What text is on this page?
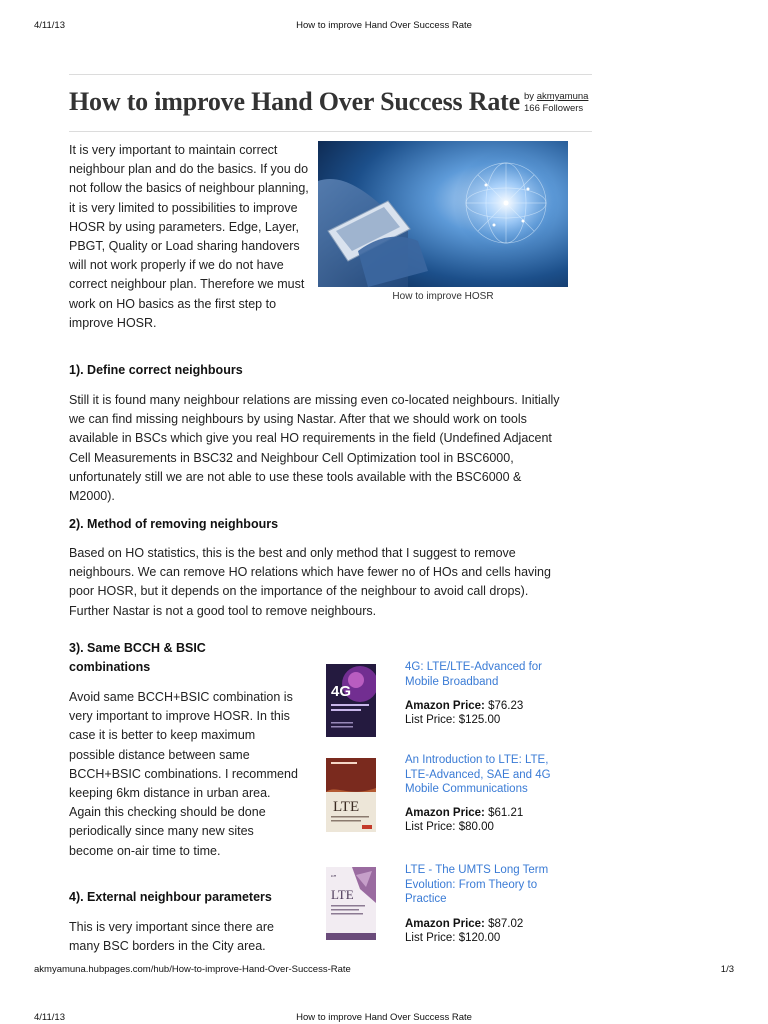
4/11/13	How to improve Hand Over Success Rate
How to improve Hand Over Success Rate by akmyamuna
166 Followers

It is very important to maintain correct neighbour plan and do the basics. If you do not follow the basics of neighbour planning, it is very limited to possibilities to improve HOSR by using parameters. Edge, Layer, PBGT, Quality or Load sharing handovers will not work properly if we do not have correct neighbour plan. Therefore we must work on HO basics as the first step to improve HOSR.

How to improve HOSR
1). Define correct neighbours

Still it is found many neighbour relations are missing even co-located neighbours. Initially we can find missing neighbours by using Nastar. After that we should work on tools available in BSCs which give you real HO requirements in the field (Undefined Adjacent Cell Measurements in BSC32 and Neighbour Cell Optimization tool in BSC6000, unfortunately still we are not able to use these tools available with the BSC6000 & M2000).

2). Method of removing neighbours

Based on HO statistics, this is the best and only method that I suggest to remove neighbours. We can remove HO relations which have fewer no of HOs and cells having poor HOSR, but it depends on the importance of the neighbour to avoid call drops). Further Nastar is not a good tool to remove neighbours.

3). Same BCCH & BSIC combinations

Avoid same BCCH+BSIC combination is very important to improve HOSR. In this case it is better to keep maximum possible distance between same BCCH+BSIC combinations. I recommend keeping 6km distance in urban area. Again this checking should be done periodically since many new sites become on-air time to time.

4). External neighbour parameters

This is very important since there are many BSC borders in the City area.

4G
4G: LTE/LTE-Advanced for Mobile Broadband
Amazon Price: $76.23
List Price: $125.00
LTE
An Introduction to LTE: LTE, LTE-Advanced, SAE and 4G Mobile Communications
Amazon Price: $61.21
List Price: $80.00
“”
LTE
LTE - The UMTS Long Term Evolution: From Theory to Practice
Amazon Price: $87.02
List Price: $120.00
akmyamuna.hubpages.com/hub/How-to-improve-Hand-Over-Success-Rate	1/3
4/11/13	How to improve Hand Over Success Rate
